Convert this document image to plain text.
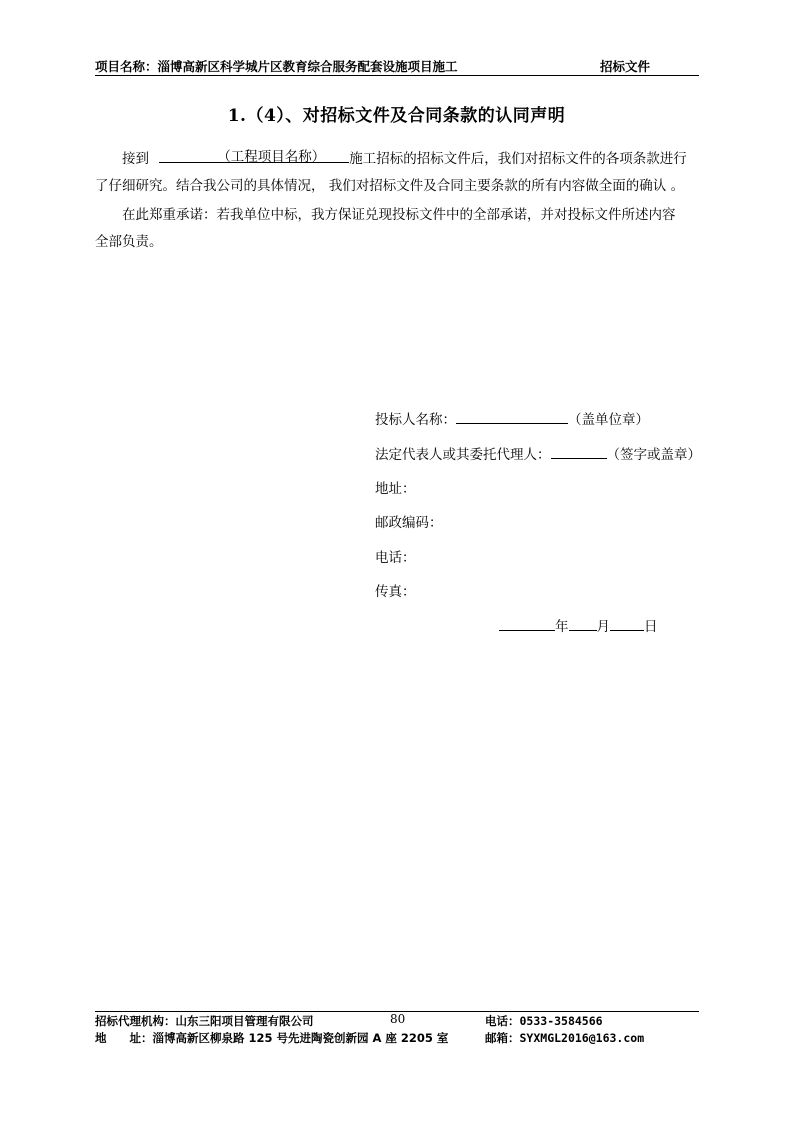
项目名称：淄博高新区科学城片区教育综合服务配套设施项目施工	招标文件
1.（4）、对招标文件及合同条款的认同声明
接到	（工程项目名称） 施工招标的招标文件后，我们对招标文件的各项条款进行
了仔细研究。结合我公司的具体情况， 我们对招标文件及合同主要条款的所有内容做全面的确认 。
在此郑重承诺：若我单位中标，我方保证兑现投标文件中的全部承诺，并对投标文件所述内容
全部负责。
投标人名称：	（盖单位章）
法定代表人或其委托代理人：	（签字或盖章）
地址：
邮政编码：
电话：
传真：
年 月	日
招标代理机构：山东三阳项目管理有限公司	80	电话：0533-3584566
地　　址：淄博高新区柳泉路 125 号先进陶瓷创新园 A 座 2205 室	邮箱：SYXMGL2016@163.com
